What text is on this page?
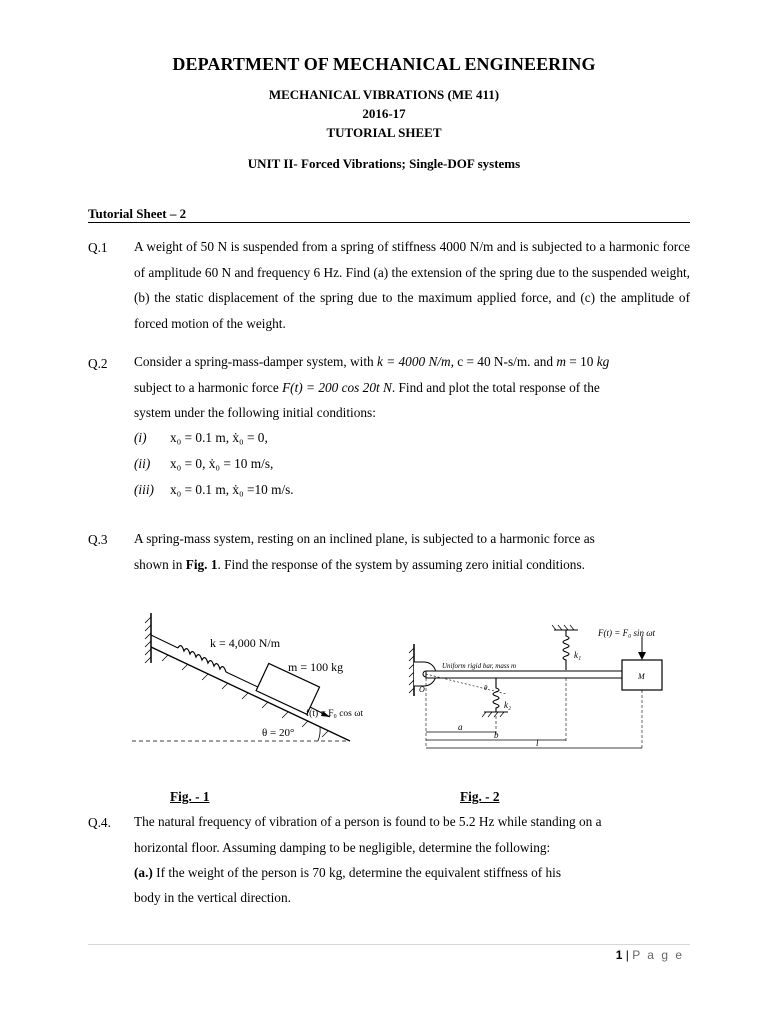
DEPARTMENT OF MECHANICAL ENGINEERING
MECHANICAL VIBRATIONS (ME 411)
2016-17
TUTORIAL SHEET
UNIT II- Forced Vibrations; Single-DOF systems
Tutorial Sheet – 2
Q.1 A weight of 50 N is suspended from a spring of stiffness 4000 N/m and is subjected to a harmonic force of amplitude 60 N and frequency 6 Hz. Find (a) the extension of the spring due to the suspended weight, (b) the static displacement of the spring due to the maximum applied force, and (c) the amplitude of forced motion of the weight.
Q.2 Consider a spring-mass-damper system, with k = 4000 N/m, c = 40 N-s/m. and m = 10 kg
subject to a harmonic force F(t) = 200 cos 20t N. Find and plot the total response of the
system under the following initial conditions:
(i) x₀ = 0.1 m, ẋ₀ = 0,
(ii) x₀ = 0, ẋ₀ = 10 m/s,
(iii) x₀ = 0.1 m, ẋ₀ =10 m/s.
Q.3 A spring-mass system, resting on an inclined plane, is subjected to a harmonic force as
shown in Fig. 1. Find the response of the system by assuming zero initial conditions.
k = 4,000 N/m
m = 100 kg
f(t) = F₀ cos ωt
θ = 20°
F(t) = F₀ sin ωt
Uniform rigid bar, mass m
k₁
k₂
M
O	θ
a
b
l
Fig. - 1	Fig. - 2
Q.4. The natural frequency of vibration of a person is found to be 5.2 Hz while standing on a
horizontal floor. Assuming damping to be negligible, determine the following:
(a.) If the weight of the person is 70 kg, determine the equivalent stiffness of his
body in the vertical direction.
1 | P a g e
